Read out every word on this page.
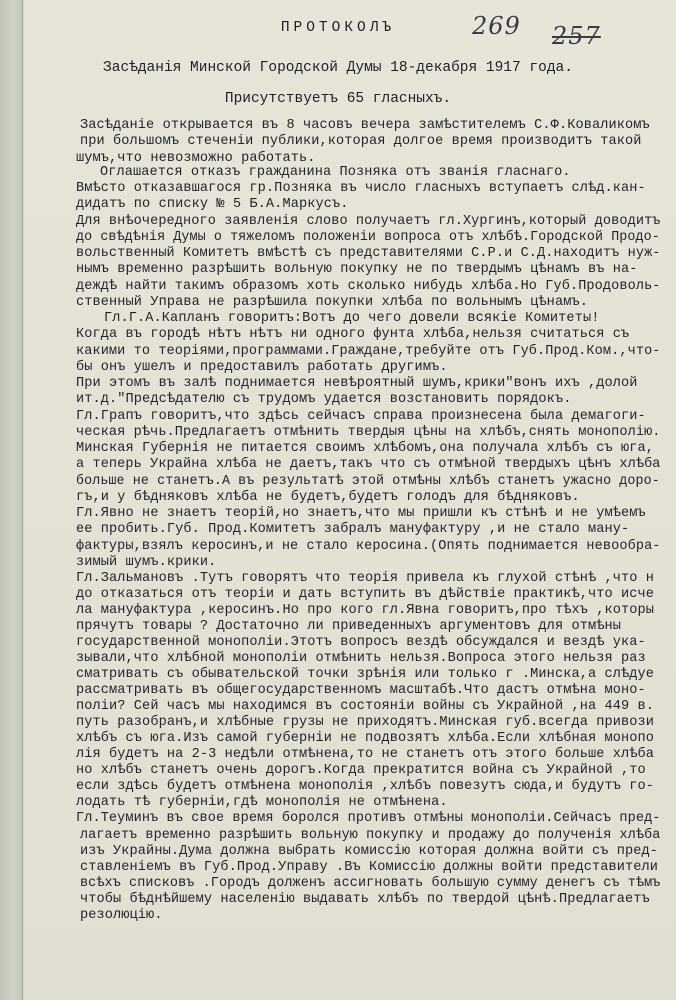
269 257
ПРОТОКОЛЪ
Засѣданія Минской Городской Думы 18-декабря 1917 года.
Присутствуетъ 65 гласныхъ.
Засѣданіе открывается въ 8 часовъ вечера замѣстителемъ С.Ф.Коваликомъ
при большомъ стеченіи публики,которая долгое время производитъ такой
шумъ,что невозможно работать.
Оглашается отказъ гражданина Позняка отъ званія гласнаго.
Вмѣсто отказавшагося гр.Позняка въ число гласныхъ вступаетъ слѣд.кан-
дидатъ по списку № 5 Б.А.Маркусъ.
Для внѣочередного заявленія слово получаетъ гл.Хургинъ,который доводитъ
до свѣдѣнія Думы о тяжеломъ положеніи вопроса отъ хлѣбѣ.Городской Продо-
вольственный Комитетъ вмѣстѣ съ представителями С.Р.и С.Д.находитъ нуж-
нымъ временно разрѣшить вольную покупку не по твердымъ цѣнамъ въ на-
деждѣ найти такимъ образомъ хоть сколько нибудь хлѣба.Но Губ.Продоволь-
ственный Управа не разрѣшила покупки хлѣба по вольнымъ цѣнамъ.
Гл.Г.А.Капланъ говоритъ:Вотъ до чего довели всякіе Комитеты!
Когда въ городѣ нѣтъ нѣтъ ни одного фунта хлѣба,нельзя считаться съ
какими то теоріями,программами.Граждане,требуйте отъ Губ.Прод.Ком.,что-
бы онъ ушелъ и предоставилъ работать другимъ.
При этомъ въ залѣ поднимается невѣроятный шумъ,крики"вонъ ихъ ,долой
ит.д."Предсѣдателю съ трудомъ удается возстановить порядокъ.
Гл.Грапъ говоритъ,что здѣсь сейчасъ справа произнесена была демагоги-
ческая рѣчь.Предлагаетъ отмѣнить твердыя цѣны на хлѣбъ,снять монополію.
Минская Губернія не питается своимъ хлѣбомъ,она получала хлѣбъ съ юга,
а теперь Украйна хлѣба не даетъ,такъ что съ отмѣной твердыхъ цѣнъ хлѣба
больше не станетъ.А въ результатѣ этой отмѣны хлѣбъ станетъ ужасно доро-
гъ,и у бѣдняковъ хлѣба не будетъ,будетъ голодъ для бѣдняковъ.
Гл.Явно не знаетъ теорій,но знаетъ,что мы пришли къ стѣнѣ и не умѣемъ
ее пробить.Губ. Прод.Комитетъ забралъ мануфактуру ,и не стало ману-
фактуры,взялъ керосинъ,и не стало керосина.(Опять поднимается невообра-
зимый шумъ.крики.
Гл.Зальмановъ .Тутъ говорятъ что теорія привела къ глухой стѣнѣ ,что н
до отказаться отъ теоріи и дать вступить въ дѣйствіе практикѣ,что исче
ла мануфактура ,керосинъ.Но про кого гл.Явна говоритъ,про тѣхъ ,которы
прячутъ товары ? Достаточно ли приведенныхъ аргументовъ для отмѣны
государственной монополіи.Этотъ вопросъ вездѣ обсуждался и вездѣ ука-
зывали,что хлѣбной монополіи отмѣнить нельзя.Вопроса этого нельзя раз
сматривать съ обывательской точки зрѣнія или только г .Минска,а слѣдуе
рассматривать въ общегосударственномъ масштабѣ.Что дастъ отмѣна моно-
поліи? Сей часъ мы находимся въ состояніи войны съ Украйной ,на 449 в.
путь разобранъ,и хлѣбные грузы не приходятъ.Минская губ.всегда привози
хлѣбъ съ юга.Изъ самой губерніи не подвозятъ хлѣба.Если хлѣбная монопо
лія будетъ на 2-3 недѣли отмѣнена,то не станетъ отъ этого больше хлѣба
но хлѣбъ станетъ очень дорогъ.Когда прекратится война съ Украйной ,то
если здѣсь будетъ отмѣнена монополія ,хлѣбъ повезутъ сюда,и будутъ го-
лодать тѣ губерніи,гдѣ монополія не отмѣнена.
Гл.Теуминъ въ свое время боролся противъ отмѣны монополіи.Сейчасъ пред-
лагаетъ временно разрѣшить вольную покупку и продажу до полученія хлѣба
изъ Украйны.Дума должна выбрать комиссію которая должна войти съ пред-
ставленіемъ въ Губ.Прод.Управу .Въ Комиссію должны войти представители
всѣхъ списковъ .Городъ долженъ ассигновать большую сумму денегъ съ тѣмъ
чтобы бѣднѣйшему населенію выдавать хлѣбъ по твердой цѣнѣ.Предлагаетъ
резолюцію.
